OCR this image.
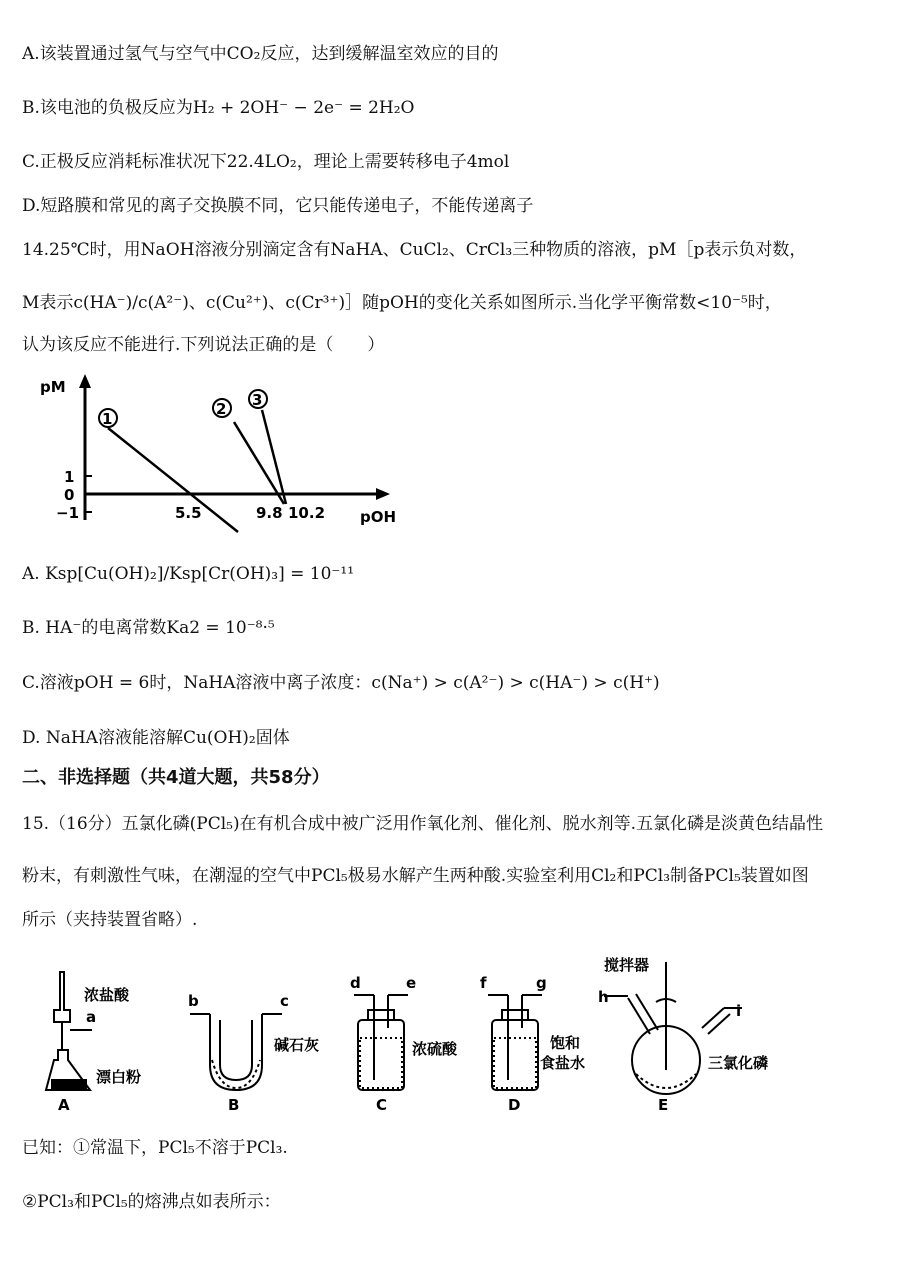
A.该装置通过氢气与空气中CO₂反应，达到缓解温室效应的目的
B.该电池的负极反应为H₂ + 2OH⁻ − 2e⁻ = 2H₂O
C.正极反应消耗标准状况下22.4LO₂，理论上需要转移电子4mol
D.短路膜和常见的离子交换膜不同，它只能传递电子，不能传递离子
14.25℃时，用NaOH溶液分别滴定含有NaHA、CuCl₂、CrCl₃三种物质的溶液，pM［p表示负对数，
M表示c(HA⁻)/c(A²⁻)、c(Cu²⁺)、c(Cr³⁺)］随pOH的变化关系如图所示.当化学平衡常数<10⁻⁵时，
认为该反应不能进行.下列说法正确的是（　　）
pM
pOH
1
0
−1	5.5	9.8 10.2
1
2 3
A. Ksp[Cu(OH)₂]/Ksp[Cr(OH)₃] = 10⁻¹¹
B. HA⁻的电离常数Ka2 = 10⁻⁸·⁵
C.溶液pOH = 6时，NaHA溶液中离子浓度：c(Na⁺) > c(A²⁻) > c(HA⁻) > c(H⁺)
D. NaHA溶液能溶解Cu(OH)₂固体
二、非选择题（共4道大题，共58分）
15.（16分）五氯化磷(PCl₅)在有机合成中被广泛用作氧化剂、催化剂、脱水剂等.五氯化磷是淡黄色结晶性
粉末，有刺激性气味，在潮湿的空气中PCl₅极易水解产生两种酸.实验室利用Cl₂和PCl₃制备PCl₅装置如图
所示（夹持装置省略）.
浓盐酸
a
漂白粉
A
b	c
碱石灰
B
d	e
浓硫酸
C
f	g
饱和
食盐水
D
搅拌器
h
i
三氯化磷
E
已知：①常温下，PCl₅不溶于PCl₃.
②PCl₃和PCl₅的熔沸点如表所示：
